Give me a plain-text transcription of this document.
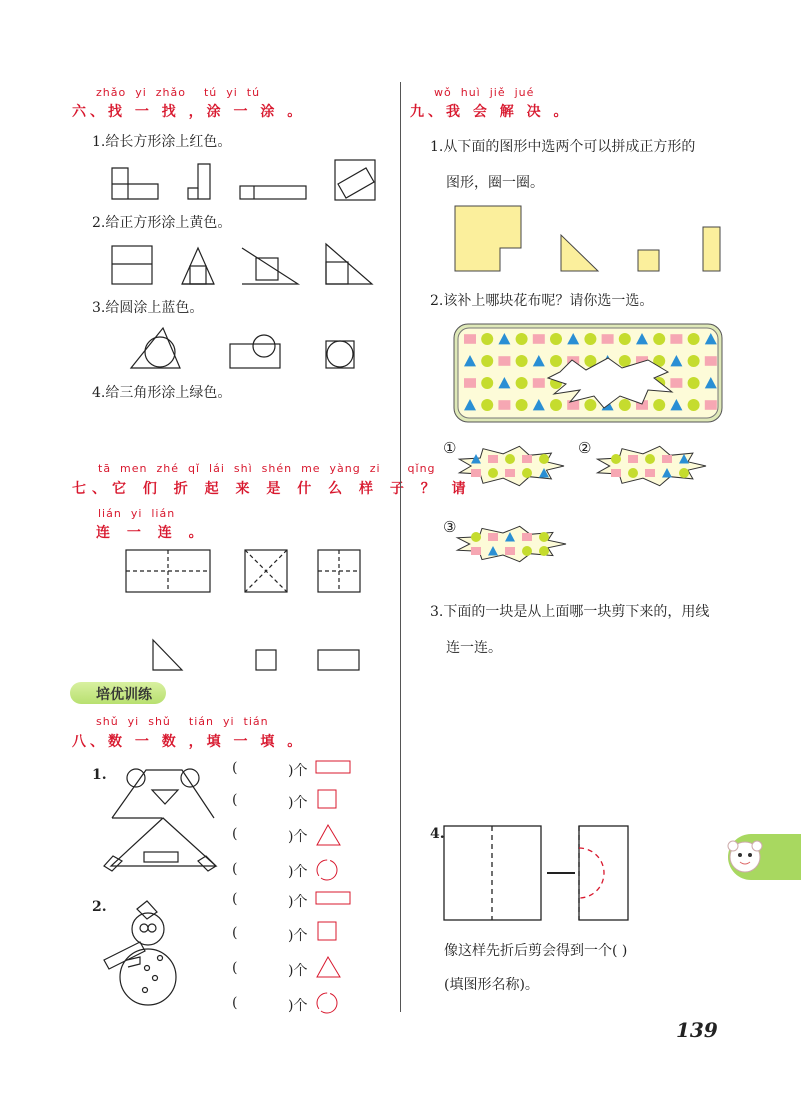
zhǎo  yi  zhǎo    tú  yi  tú
六、找 一 找 ，涂 一 涂 。
1.给长方形涂上红色。
2.给正方形涂上黄色。
3.给圆涂上蓝色。
4.给三角形涂上绿色。
tā  men  zhé  qǐ  lái  shì  shén  me  yàng  zi      qǐng
七、它 们 折 起 来 是 什 么 样 子 ？ 请
lián  yi  lián
连 一 连 。
培优训练
shǔ  yi  shǔ    tián  yi  tián
八、数 一 数 ，填 一 填 。
1.
2.
(	)个
(	)个
(	)个
(	)个
(	)个
(	)个
(	)个
(	)个
wǒ  huì  jiě  jué
九、我 会 解 决 。
1.从下面的图形中选两个可以拼成正方形的
图形，圈一圈。
2.该补上哪块花布呢？请你选一选。
①	②
③
3.下面的一块是从上面哪一块剪下来的，用线
连一连。
4.
像这样先折后剪会得到一个( )
(填图形名称)。
139
